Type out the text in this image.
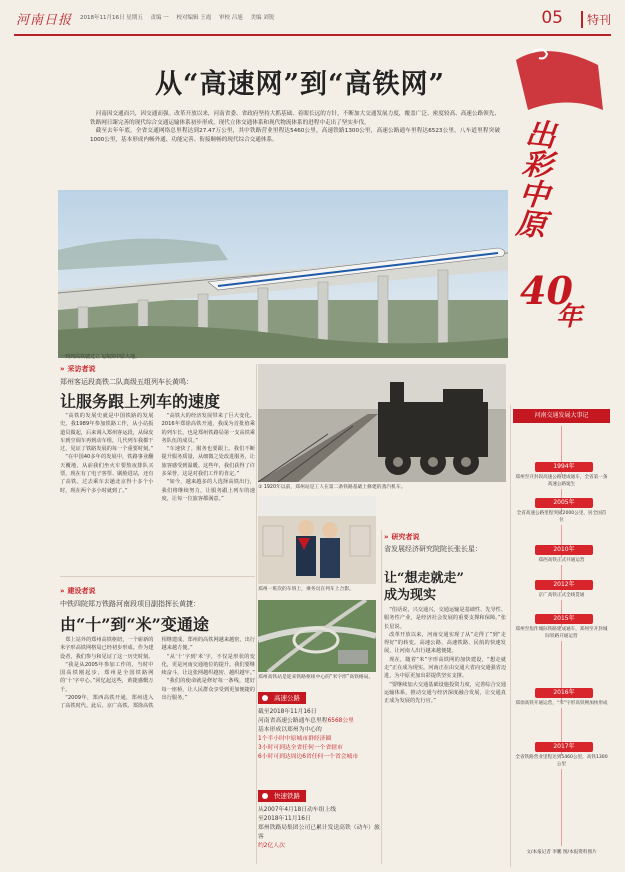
河南日报 2018年11月16日 星期五 责编 一 校对编辑 王霞 审校 吕旭 美编 刘锐	05	特刊
从“高速网”到“高铁网”

河南因交通而兴，因交通而强。改革开放以来，河南省委、省政府坚持大抓基础、着眼长远的方针，不断加大交通发展力度，覆盖广泛、密度较高、高速公路领先、铁路网日臻完善的现代综合交通运输体系初步形成，现代立体交通体系和现代物流体系的进程中走出了坚实步伐。

截至去年年底，全省交通网络总里程达到27.47万公里，其中铁路营业里程达5460公里，高速铁路1300公里，高速公路通车里程达6523公里，八车道里程突破1000公里，基本形成内畅外通、功能完善、衔接顺畅的现代综合交通体系。	出彩中原
40
年
一列列高铁驶过立飞海滨中原大地。
» 采访者说
郑州客运段高铁二队高级五组列车长黄鸣：
让服务跟上列车的速度

“高铁的发展史就是中国铁路的发展史。我1989年参加铁路工作，从小站扳道员做起，后来调入郑州客运段，从绿皮车到空调车再到动车组，几代列车我都干过，见证了铁路发展的每一个重要时刻。”

“在中国40多年的发展中，铁路事业翻天覆地，从前我们坐火车要熬夜排队买票，现在有了电子客票、刷脸进站，还有了高铁。过去乘车去趟北京得十多个小时，现在两个多小时就到了。”

“高铁大的经济发展带来了巨大变化。2016年郑徐高铁开通，我成为首批值乘的列车长，也是郑州铁路局第一支高铁乘务队伍的成员。”

“车速快了，服务也要跟上。我们不断提升服务质量，从细微之处改进服务，让旅客感受到温暖。这些年，我们获得了许多荣誉，这是对我们工作的肯定。”

“如今，越来越多的人选择高铁出行，我们将继续努力，让服务跟上列车的速度，让每一位旅客都满意。”

① 1920年以前，郑州站是工人在第二条铁路基础上修建的蒸汽机车。
郑州一班次的车班上，乘务员在列车上合影。
郑州高铁站是迎来铁路枢纽中心的“米字形”高铁格局。
» 研究者说
省发展经济研究院院长张长星：
让“想走就走”
成为现实

“俗话说，兴交通兴，交通运输是基础性、先导性、服务性产业，是经济社会发展的重要支撑和保障。”张长星说。

改革开放以来，河南交通实现了从“走得了”到“走得好”的转变。高速公路、高速铁路、民航的快速发展，让河南人出行越来越便捷。

现在，随着“米”字形高铁网的加快建设，“想走就走”正在成为现实。河南正在由交通大省向交通强省迈进，为中原更加出彩提供坚实支撑。

“要继续加大交通基础设施投资力度，完善综合交通运输体系，推动交通与经济深度融合发展，让交通真正成为发展的先行官。”

» 建设者说
中铁四院郑万铁路河南段项目副指挥长黄捷：
由“十”到“米”变通途

郑上站外的郑州高铁枢纽，一个崭新的米字形高铁网格局已经初步形成。作为建设者，我们参与和见证了这一历史时刻。

“我是从2005年参加工作的，当时中国高铁刚起步，郑州是全国铁路网的‘十’字中心。”回忆起这些，黄捷感慨万千。

“2009年，郑西高铁开通，郑州进入了高铁时代。此后，京广高铁、郑徐高铁相继建成，郑州的高铁网越来越密，出行越来越方便。”

“从‘十’字到‘米’字，不仅是形状的变化，更是河南交通地位的提升。我们要继续奋斗，让这张网越织越密、越织越牢。”

“我们的使命就是修好每一条线，建好每一座桥，让人民群众享受到更加便捷的出行服务。”	高速公路
截至2018年11月16日
河南省高速公路通车总里程6568公里
基本形成以郑州为中心的
1个半小时中原城市群经济圈
3小时可到达全省任何一个省辖市
6小时可到达周边6省任何一个省会城市
快速铁路
从2007年4月18日动车组上线
至2018年11月16日
郑州铁路局集团公司已累计发送高铁（动车）旅客
约2亿人次
河南交通发展大事记
1994年
郑州至开封段高速公路建成通车，全省第一条高速公路诞生
2005年
全省高速公路里程突破2000公里，居全国首位
2010年
郑西高铁正式开通运营
2012年
京广高铁正式全线贯通
2015年
郑州至焦作城际铁路建成通车，郑州至开封城际铁路开通运营
2016年
郑徐高铁开通运营，“米”字形高铁网加快形成
2017年
全省铁路营业里程达到5460公里，高铁1300公里
文/本报记者 李鹏 图/本报资料图片
